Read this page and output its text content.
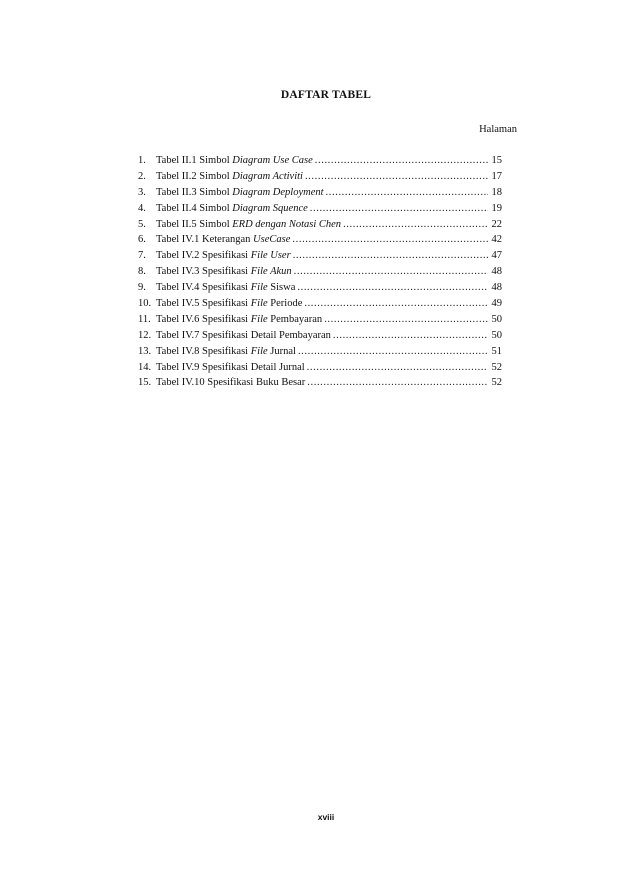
DAFTAR TABEL
Halaman
1. Tabel II.1 Simbol Diagram Use Case .....	15
2. Tabel II.2 Simbol Diagram Activiti .....	17
3. Tabel II.3 Simbol Diagram Deployment .....	18
4. Tabel II.4 Simbol Diagram Squence .....	19
5. Tabel II.5 Simbol ERD dengan Notasi Chen .....	22
6. Tabel IV.1 Keterangan UseCase .....	42
7. Tabel IV.2 Spesifikasi File User .....	47
8. Tabel IV.3 Spesifikasi File Akun .....	48
9. Tabel IV.4 Spesifikasi File Siswa .....	48
10. Tabel IV.5 Spesifikasi File Periode .....	49
11. Tabel IV.6 Spesifikasi File Pembayaran .....	50
12. Tabel IV.7 Spesifikasi Detail Pembayaran .....	50
13. Tabel IV.8 Spesifikasi File Jurnal .....	51
14. Tabel IV.9 Spesifikasi Detail Jurnal .....	52
15. Tabel IV.10 Spesifikasi Buku Besar .....	52
xviii
